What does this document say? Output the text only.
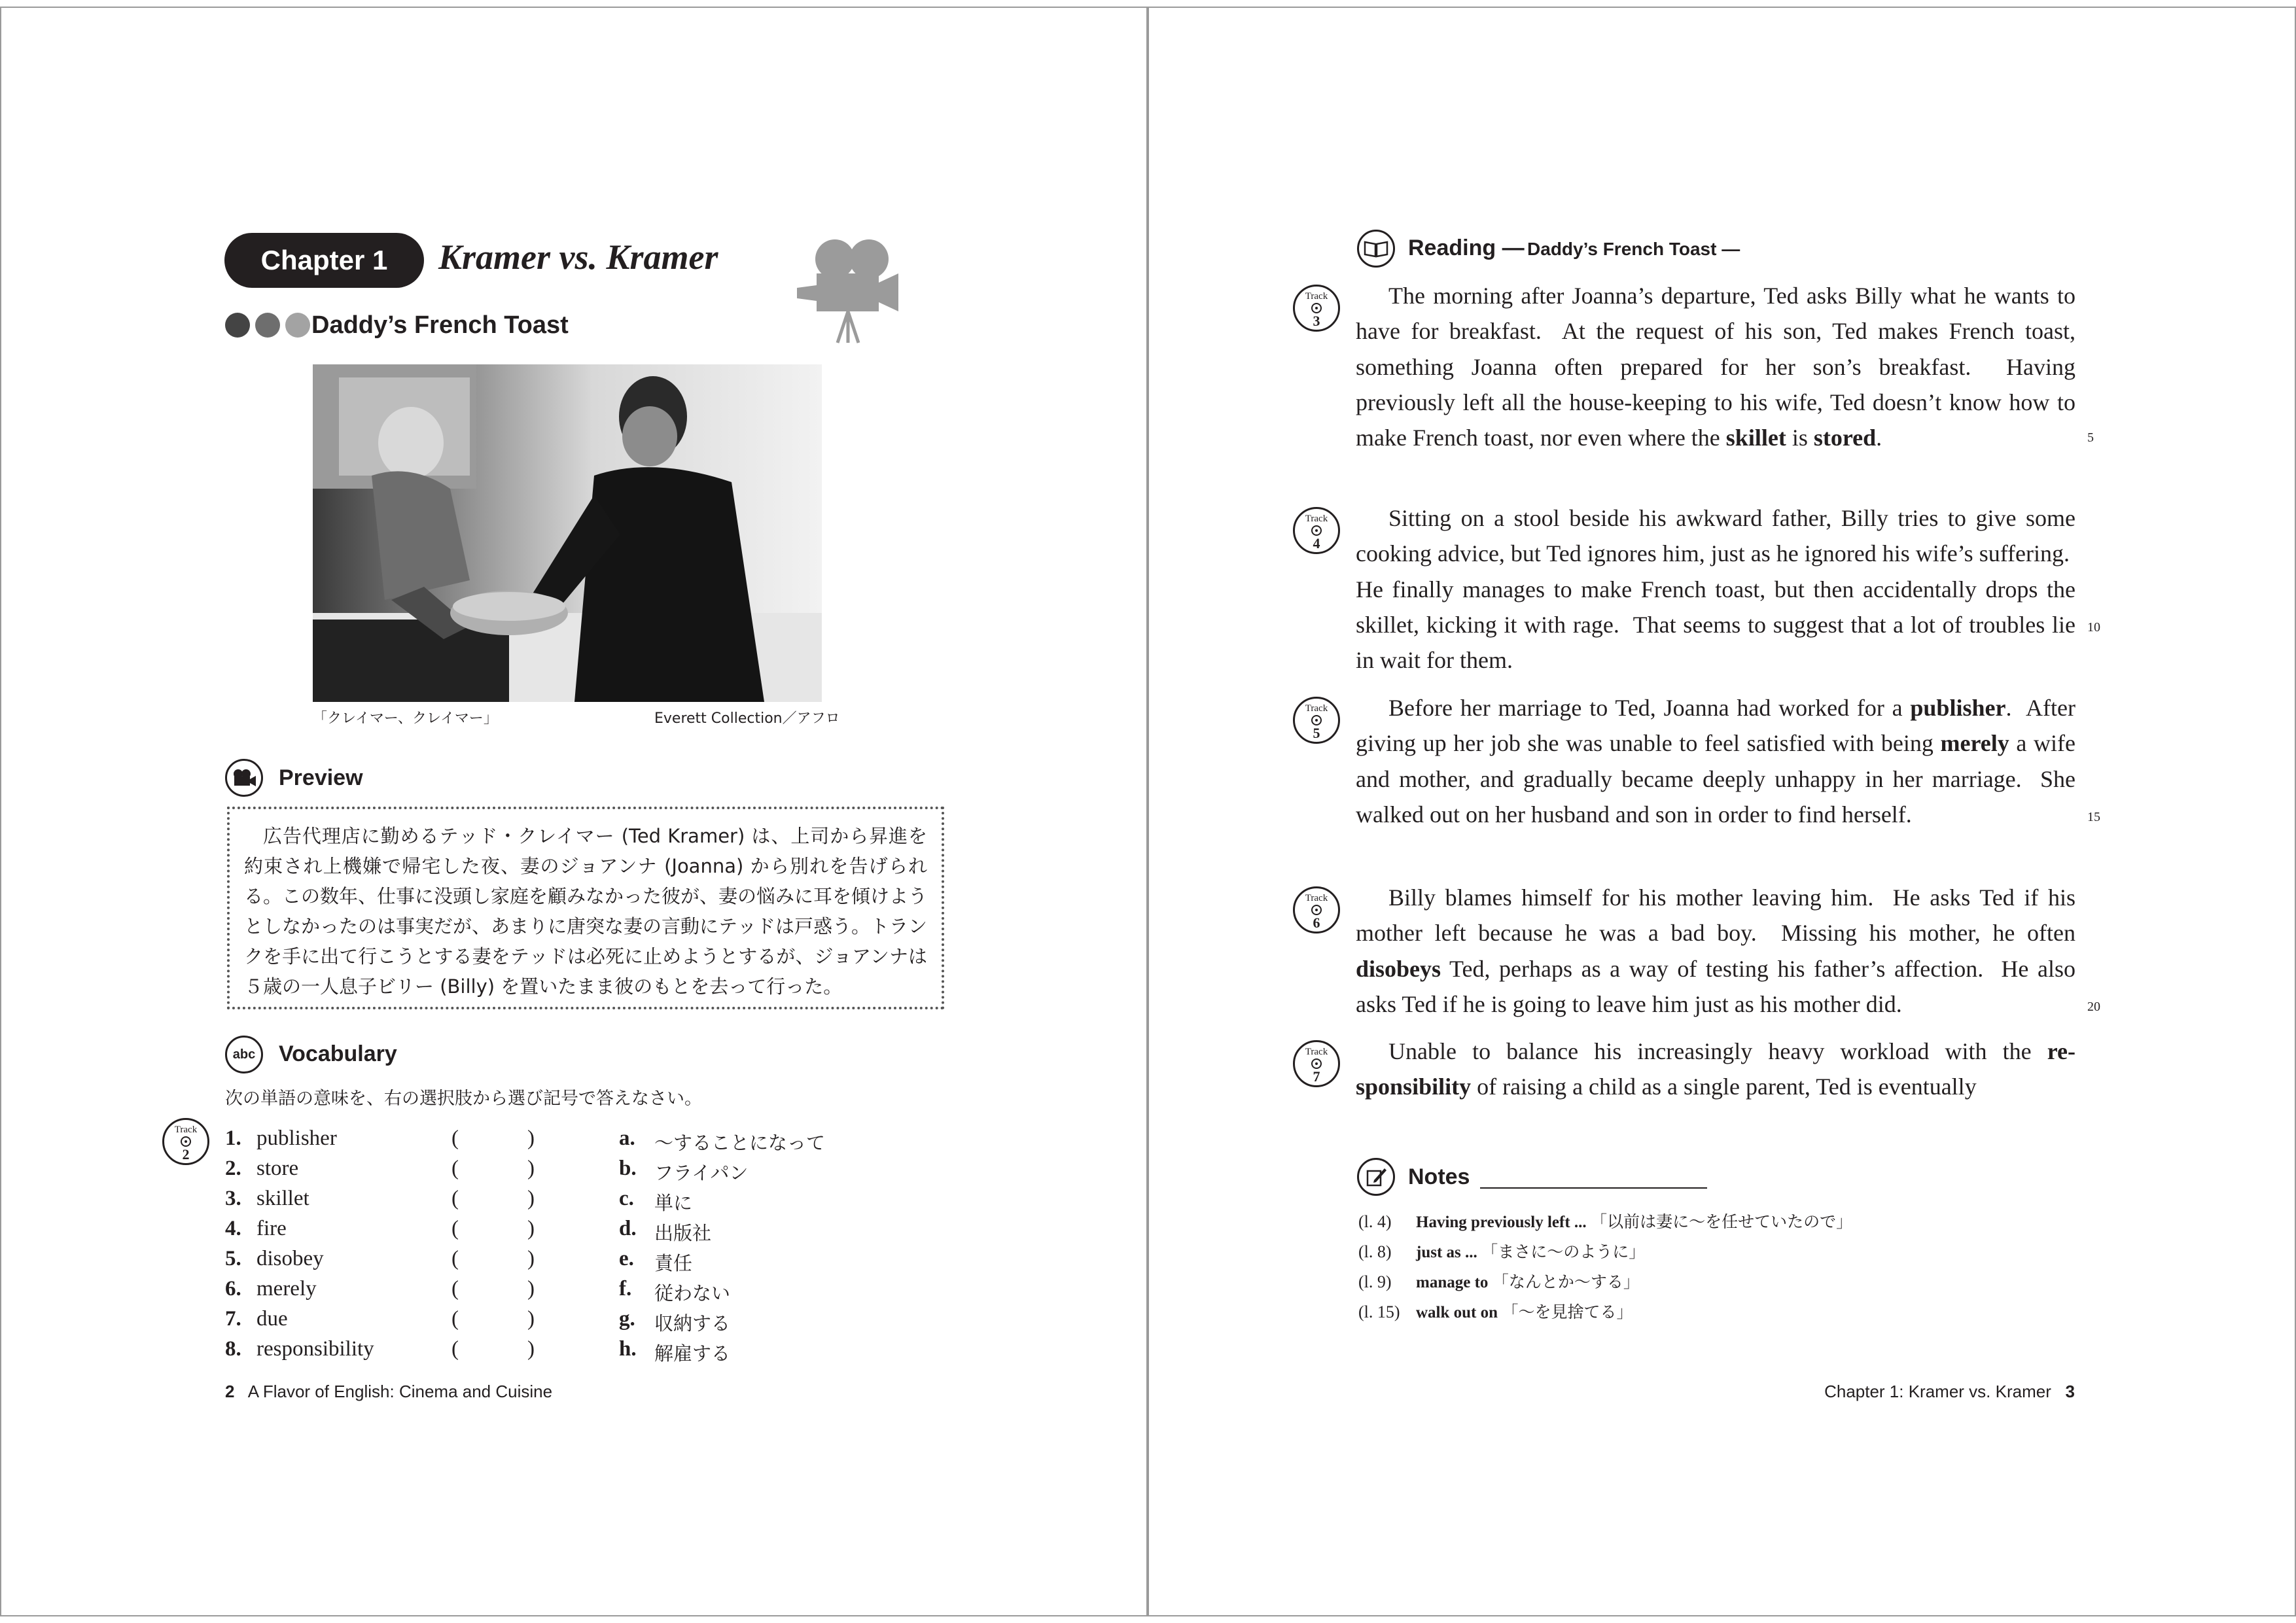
Chapter 1	Kramer vs. Kramer
Daddy’s French Toast
「クレイマー、クレイマー」	Everett Collection／アフロ
Preview
広告代理店に勤めるテッド・クレイマー (Ted Kramer) は、上司から昇進を約束され上機嫌で帰宅した夜、妻のジョアンナ (Joanna) から別れを告げられる。この数年、仕事に没頭し家庭を顧みなかった彼が、妻の悩みに耳を傾けようとしなかったのは事実だが、あまりに唐突な妻の言動にテッドは戸惑う。トランクを手に出て行こうとする妻をテッドは必死に止めようとするが、ジョアンナは５歳の一人息子ビリー (Billy) を置いたまま彼のもとを去って行った。
abc Vocabulary
次の単語の意味を、右の選択肢から選び記号で答えなさい。
Track
2
1. publisher	(	)	a. ～することになって
2. store	(	)	b. フライパン
3. skillet	(	)	c. 単に
4. fire	(	)	d. 出版社
5. disobey	(	)	e. 責任
6. merely	(	)	f. 従わない
7. due	(	)	g. 収納する
8. responsibility	(	)	h. 解雇する
2 A Flavor of English: Cinema and Cuisine
Reading — Daddy’s French Toast —

The morning after Joanna’s departure, Ted asks Billy what he wants to have for breakfast.  At the request of his son, Ted makes French toast, something Joanna often prepared for her son’s breakfast.  Having previously left all the house-keeping to his wife, Ted doesn’t know how to make French toast, nor even where the skillet is stored.

Track
3

Sitting on a stool beside his awkward father, Billy tries to give some cooking advice, but Ted ignores him, just as he ignored his wife’s suffering.  He finally manages to make French toast, but then accidentally drops the skillet, kicking it with rage.  That seems to suggest that a lot of troubles lie in wait for them.

Track
4

Before her marriage to Ted, Joanna had worked for a publisher.  After giving up her job she was unable to feel satisfied with being merely a wife and mother, and gradually became deeply unhappy in her marriage.  She walked out on her husband and son in order to find herself.

Track
5

Billy blames himself for his mother leaving him.  He asks Ted if his mother left because he was a bad boy.  Missing his mother, he often disobeys Ted, perhaps as a way of testing his father’s affection.  He also asks Ted if he is going to leave him just as his mother did.

Track
6

Unable to balance his increasingly heavy workload with the responsibility of raising a child as a single parent, Ted is eventually

Track
7
5
10
15
20
Notes
(l. 4) Having previously left ... 「以前は妻に～を任せていたので」
(l. 8) just as ... 「まさに～のように」
(l. 9) manage to 「なんとか～する」
(l. 15) walk out on 「～を見捨てる」
Chapter 1: Kramer vs. Kramer 3
